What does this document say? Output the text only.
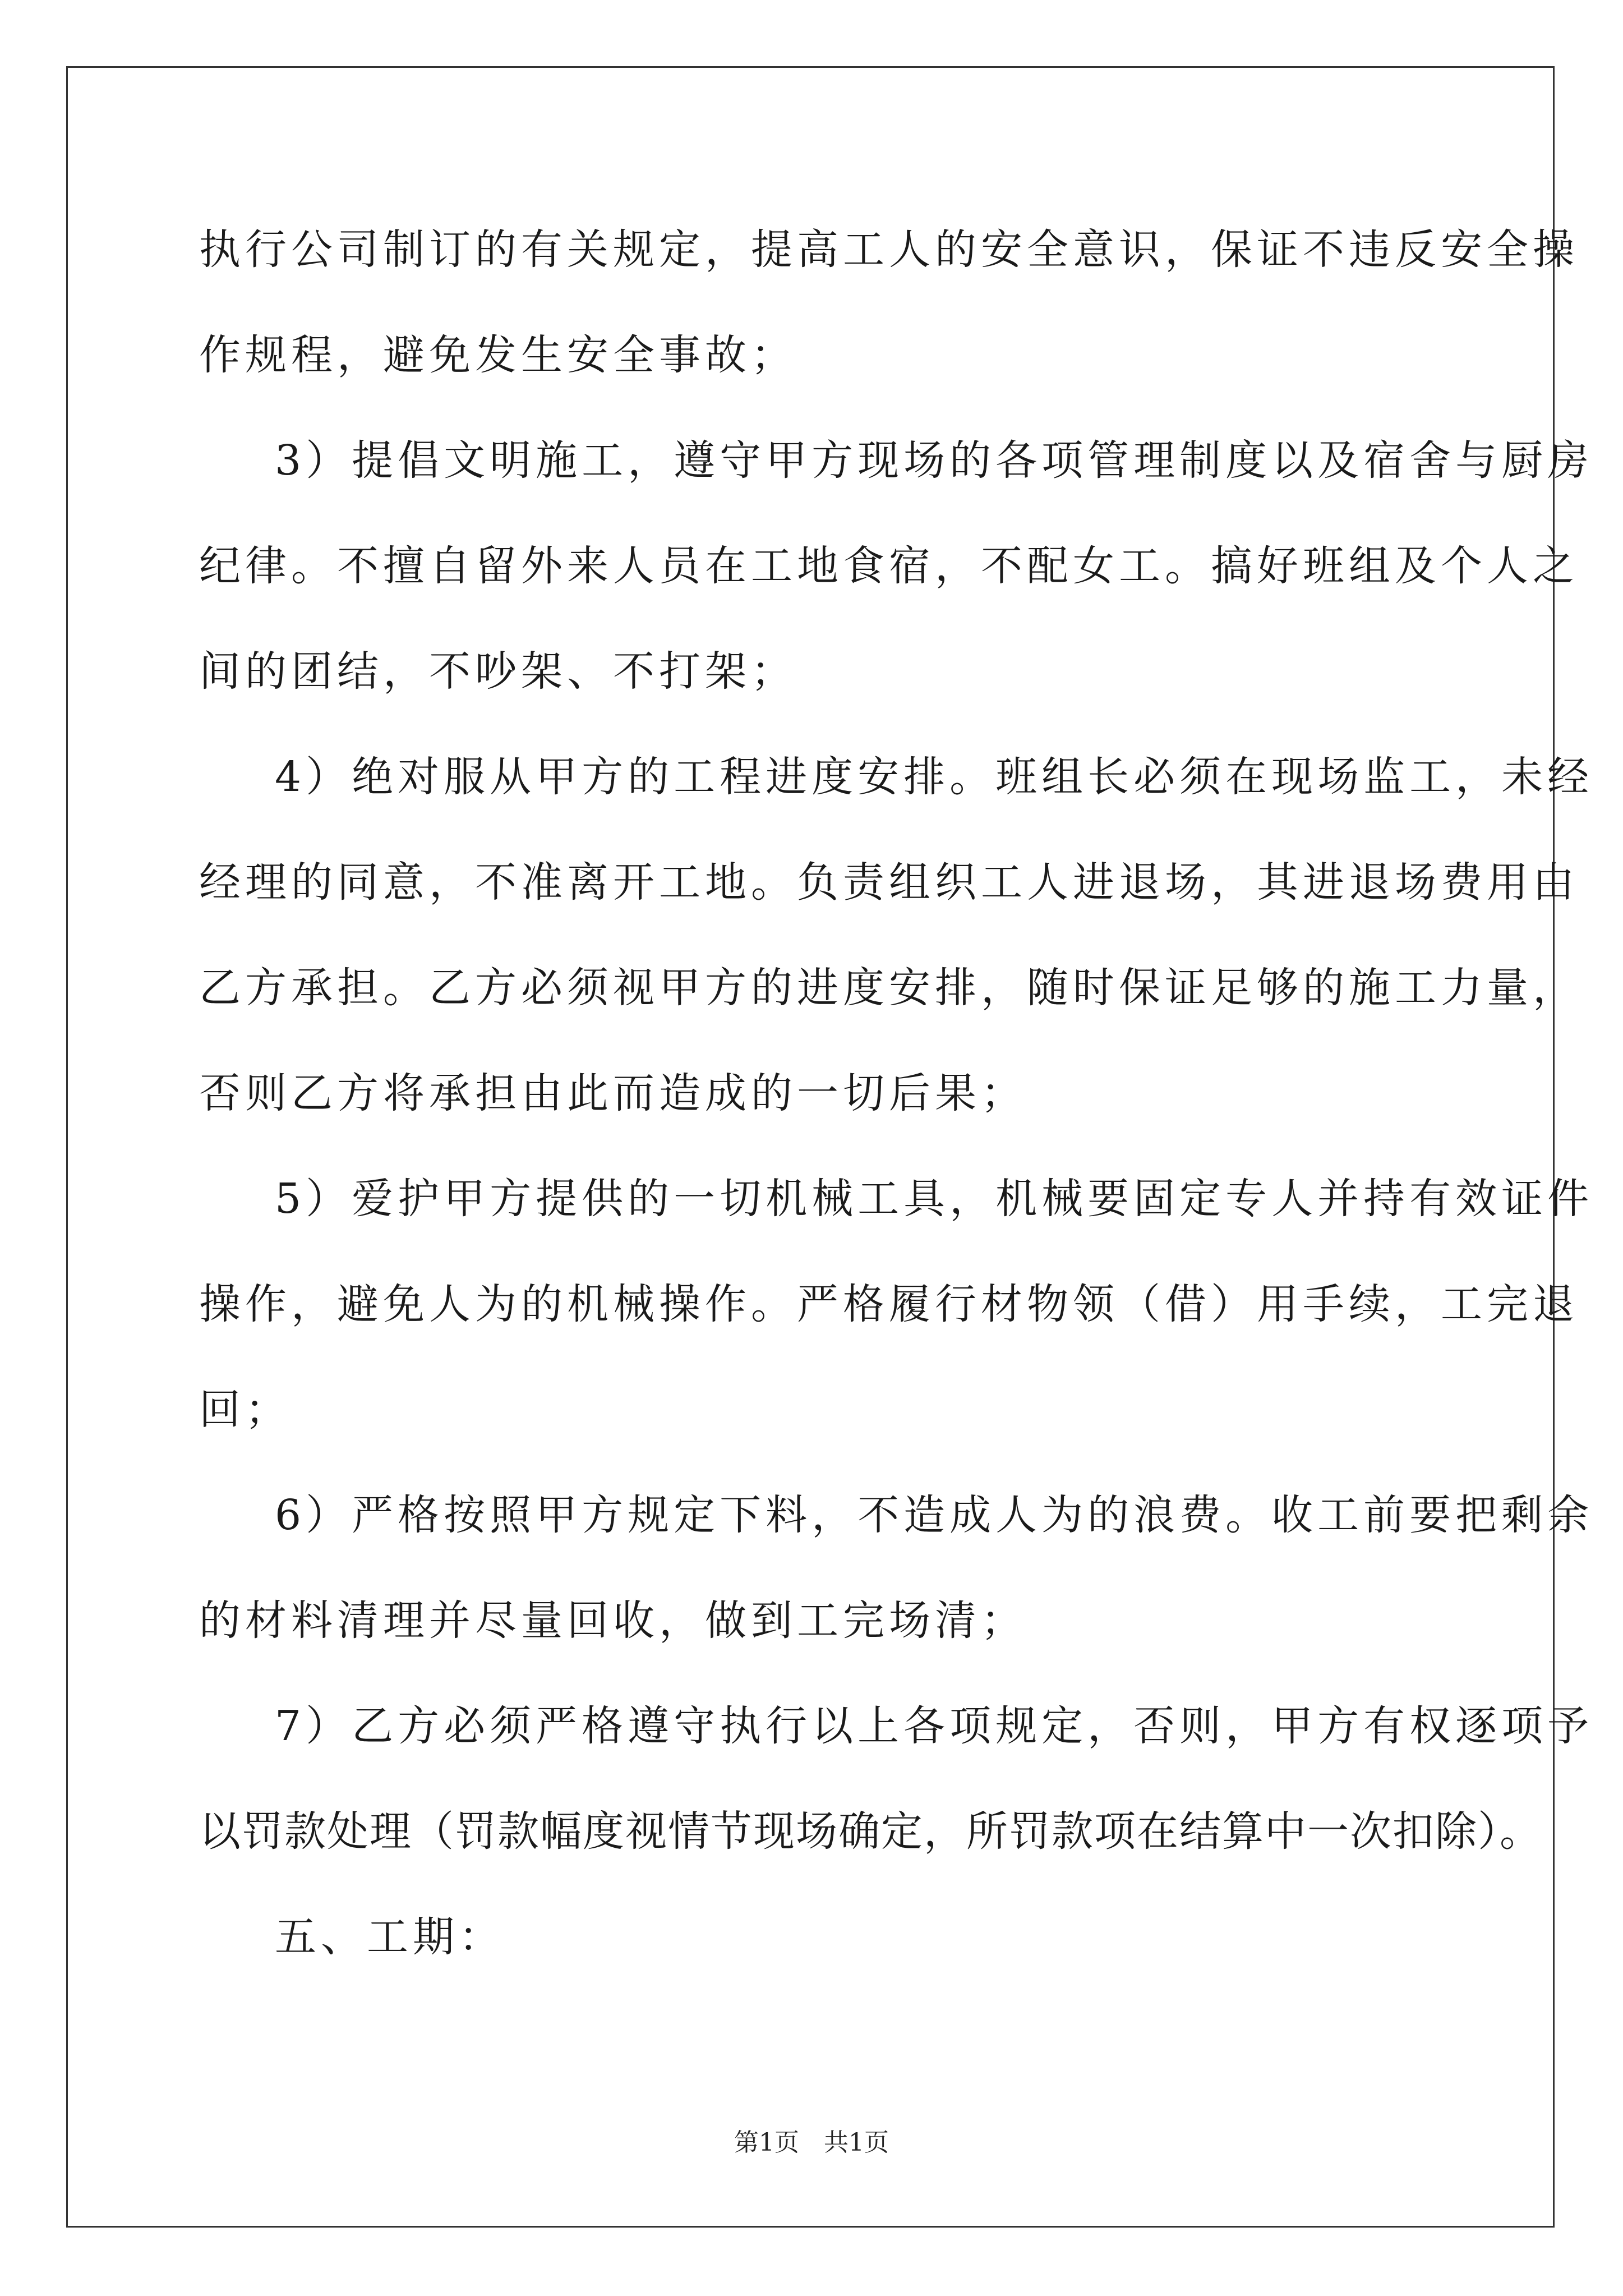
执行公司制订的有关规定，提高工人的安全意识，保证不违反安全操
作规程，避免发生安全事故；
3）提倡文明施工，遵守甲方现场的各项管理制度以及宿舍与厨房
纪律。不擅自留外来人员在工地食宿，不配女工。搞好班组及个人之
间的团结，不吵架、不打架；
4）绝对服从甲方的工程进度安排。班组长必须在现场监工，未经
经理的同意，不准离开工地。负责组织工人进退场，其进退场费用由
乙方承担。乙方必须视甲方的进度安排，随时保证足够的施工力量，
否则乙方将承担由此而造成的一切后果；
5）爱护甲方提供的一切机械工具，机械要固定专人并持有效证件
操作，避免人为的机械操作。严格履行材物领（借）用手续，工完退
回；
6）严格按照甲方规定下料，不造成人为的浪费。收工前要把剩余
的材料清理并尽量回收，做到工完场清；
7）乙方必须严格遵守执行以上各项规定，否则，甲方有权逐项予
以罚款处理（罚款幅度视情节现场确定，所罚款项在结算中一次扣除）。
五、工期：
第1页　共1页
